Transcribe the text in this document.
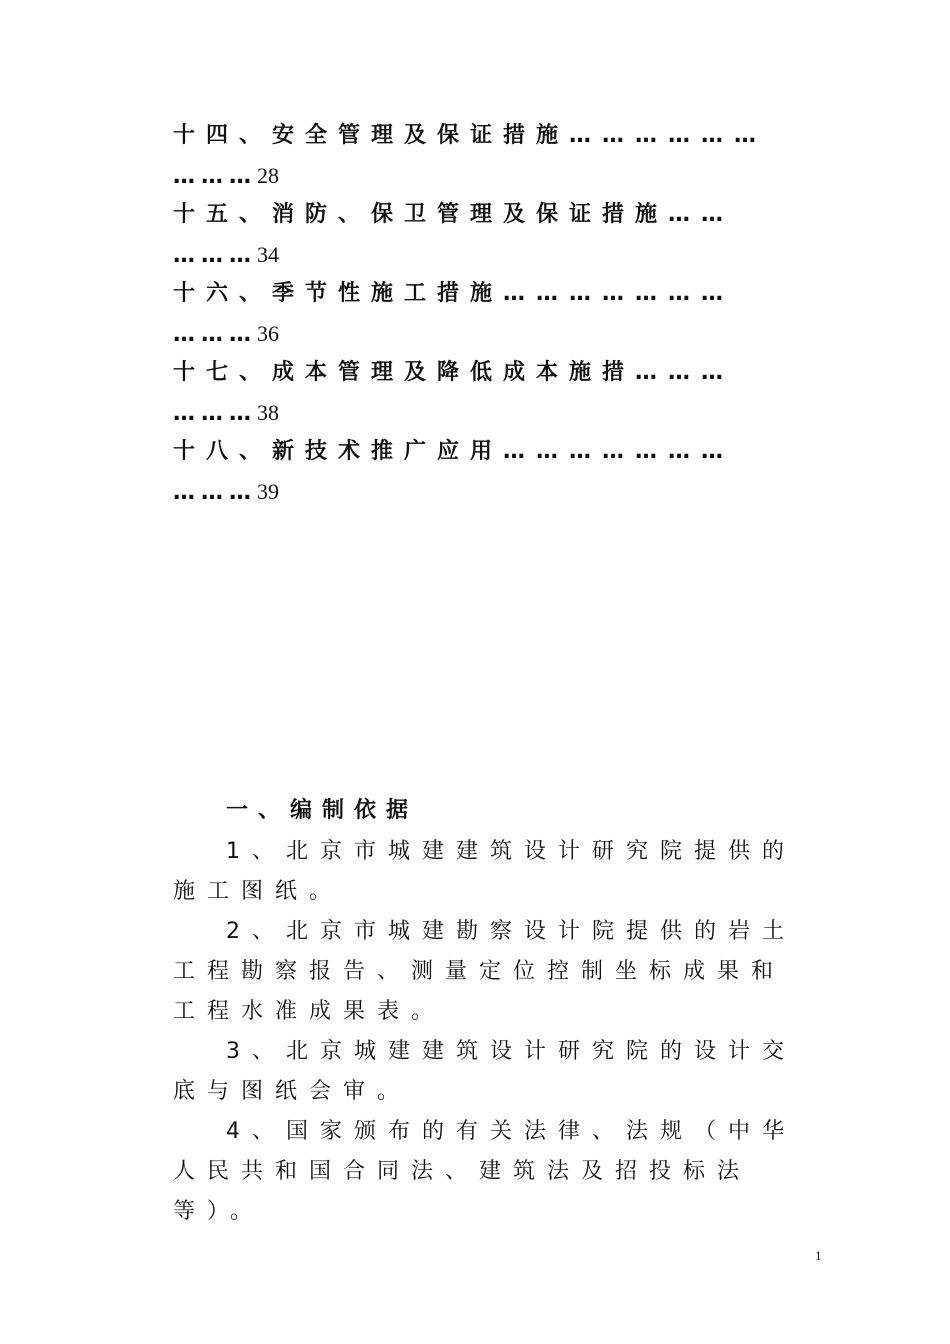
十四、安全管理及保证措施………………
………28
十五、消防、保卫管理及保证措施……
………34
十六、季节性施工措施…………………
………36
十七、成本管理及降低成本施措………
………38
十八、新技术推广应用…………………
………39
一、编制依据

1、北京市城建建筑设计研究院提供的施工图纸。

2、北京市城建勘察设计院提供的岩土工程勘察报告、测量定位控制坐标成果和工程水准成果表。

3、北京城建建筑设计研究院的设计交底与图纸会审。

4、国家颁布的有关法律、法规（中华人民共和国合同法、建筑法及招投标法等）。

1
